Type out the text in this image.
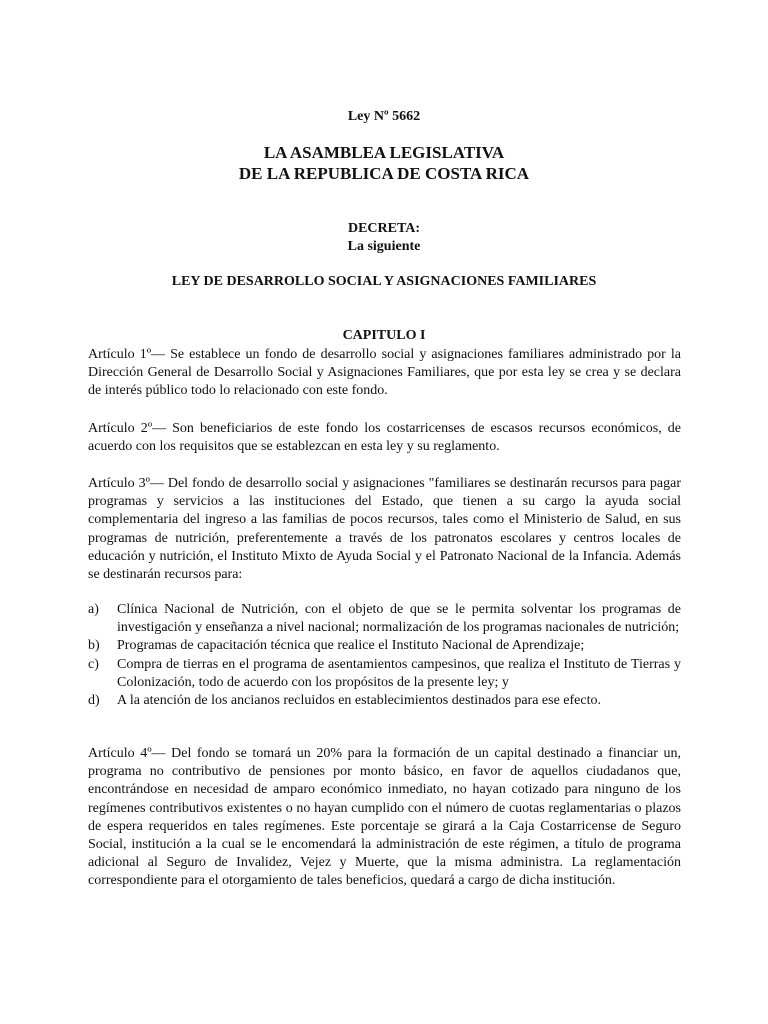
Ley Nº 5662

LA ASAMBLEA LEGISLATIVA
DE LA REPUBLICA DE COSTA RICA
DECRETA:
La siguiente

LEY DE DESARROLLO SOCIAL Y ASIGNACIONES FAMILIARES

CAPITULO I

Artículo 1º— Se establece un fondo de desarrollo social y asignaciones familiares administrado por la Dirección General de Desarrollo Social y Asignaciones Familiares, que por esta ley se crea y se declara de interés público todo lo relacionado con este fondo.

Artículo 2º— Son beneficiarios de este fondo los costarricenses de escasos recursos económicos, de acuerdo con los requisitos que se establezcan en esta ley y su reglamento.

Artículo 3º— Del fondo de desarrollo social y asignaciones "familiares se destinarán recursos para pagar programas y servicios a las instituciones del Estado, que tienen a su cargo la ayuda social complementaria del ingreso a las familias de pocos recursos, tales como el Ministerio de Salud, en sus programas de nutrición, preferentemente a través de los patronatos escolares y centros locales de educación y nutrición, el Instituto Mixto de Ayuda Social y el Patronato Nacional de la Infancia. Además se destinarán recursos para:

a)	Clínica Nacional de Nutrición, con el objeto de que se le permita solventar los programas de investigación y enseñanza a nivel nacional; normalización de los programas nacionales de nutrición;
b)	Programas de capacitación técnica que realice el Instituto Nacional de Aprendizaje;
c)	Compra de tierras en el programa de asentamientos campesinos, que realiza el Instituto de Tierras y Colonización, todo de acuerdo con los propósitos de la presente ley; y
d)	A la atención de los ancianos recluidos en establecimientos destinados para ese efecto.

Artículo 4º— Del fondo se tomará un 20% para la formación de un capital destinado a financiar un, programa no contributivo de pensiones por monto básico, en favor de aquellos ciudadanos que, encontrándose en necesidad de amparo económico inmediato, no hayan cotizado para ninguno de los regímenes contributivos existentes o no hayan cumplido con el número de cuotas reglamentarias o plazos de espera requeridos en tales regímenes. Este porcentaje se girará a la Caja Costarricense de Seguro Social, institución a la cual se le encomendará la administración de este régimen, a título de programa adicional al Seguro de Invalidez, Vejez y Muerte, que la misma administra. La reglamentación correspondiente para el otorgamiento de tales beneficios, quedará a cargo de dicha institución.
